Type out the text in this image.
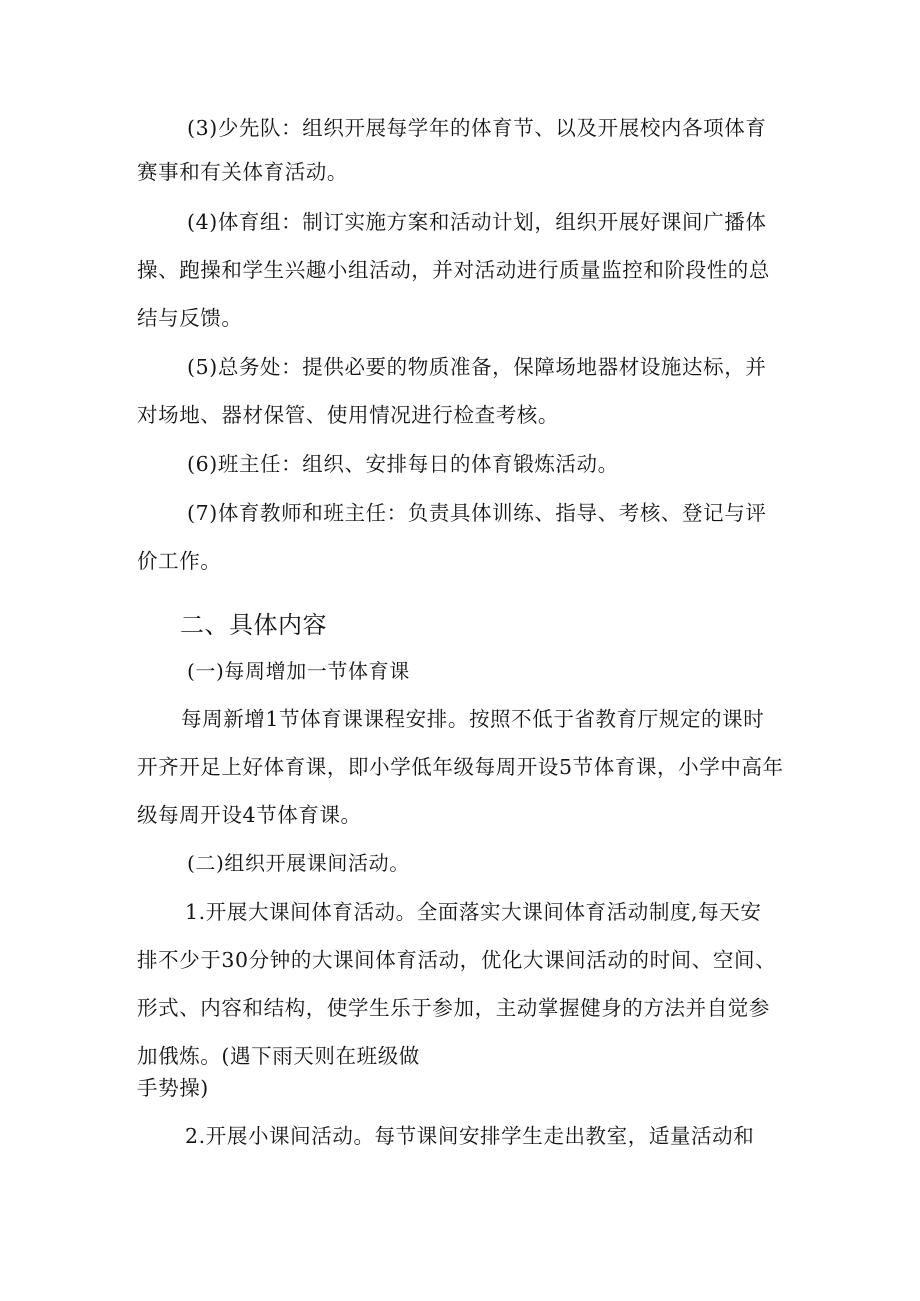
(3)少先队：组织开展每学年的体育节、以及开展校内各项体育
赛事和有关体育活动。
(4)体育组：制订实施方案和活动计划，组织开展好课间广播体
操、跑操和学生兴趣小组活动，并对活动进行质量监控和阶段性的总
结与反馈。
(5)总务处：提供必要的物质准备，保障场地器材设施达标，并
对场地、器材保管、使用情况进行检查考核。
(6)班主任：组织、安排每日的体育锻炼活动。
(7)体育教师和班主任：负责具体训练、指导、考核、登记与评
价工作。
二、具体内容
(一)每周增加一节体育课
每周新增1节体育课课程安排。按照不低于省教育厅规定的课时
开齐开足上好体育课，即小学低年级每周开设5节体育课，小学中高年
级每周开设4节体育课。
(二)组织开展课间活动。
1.开展大课间体育活动。全面落实大课间体育活动制度,每天安
排不少于30分钟的大课间体育活动，优化大课间活动的时间、空间、
形式、内容和结构，使学生乐于参加，主动掌握健身的方法并自觉参
加俄炼。(遇下雨天则在班级做
手势操)
2.开展小课间活动。每节课间安排学生走出教室，适量活动和
